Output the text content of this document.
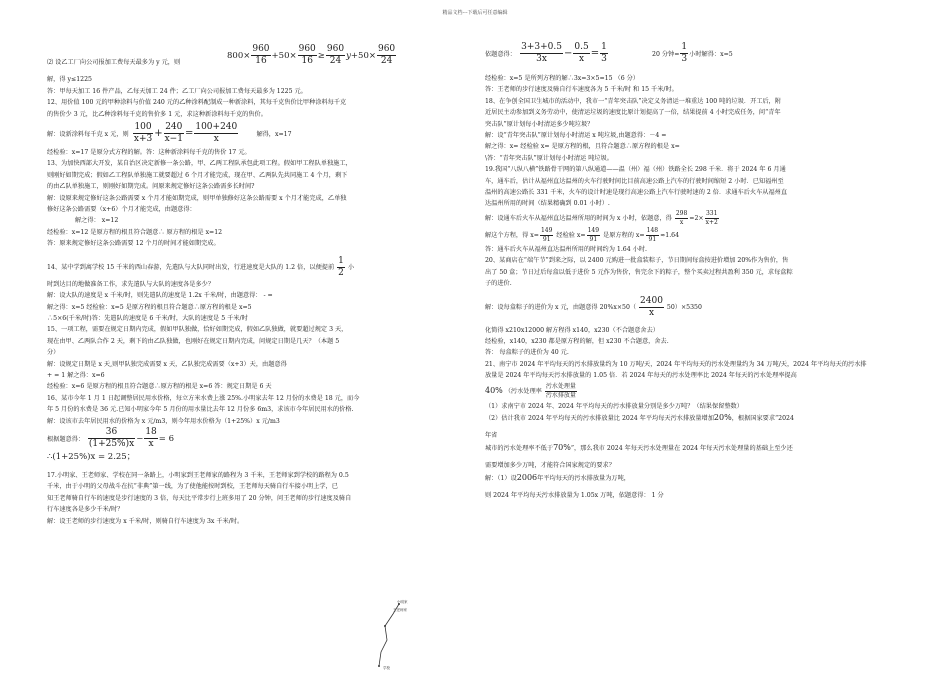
精品文档---下载后可任意编辑
$800\times \frac{960}{16} +50\times \frac{960}{16} \ge \frac{960}{24} y+50\times \frac{960}{24}$

⑵ 设乙工厂向公司报加工费每天最多为 y 元，则

解，得 y≤1225

答：甲每天加工 16 件产品，乙每天加工 24 件；乙工厂向公司报加工费每天最多为 1225 元。

12、用价值 100 元的甲种涂料与价值 240 元的乙种涂料配制成一种新涂料，其每千克售价比甲种涂料每千克

的售价少 3 元，比乙种涂料每千克的售价多 1 元，求这种新涂料每千克的售价。

解：设新涂料每千克 x 元，则 $\frac{100}{x+3} + \frac{240}{x-1} = \frac{100+240}{x}$	解得，x=17

经检验：x=17 是原分式方程的解。答：这种新涂料每千克的售价 17 元。

13、为加快西部大开发，某自治区决定新修一条公路，甲、乙两工程队承包此项工程。假如甲工程队单独施工，

则刚好如期完成；假如乙工程队单独施工就要超过 6 个月才能完成，现在甲、乙两队先共同施工 4 个月，剩下

的由乙队单独施工，则刚好如期完成。问原来规定修好这条公路需多长时间?

解：设原来规定修好这条公路需要 x 个月才能如期完成，则甲单独修好这条公路需要 x 个月才能完成，乙单独

修好这条公路需要（x+6）个月才能完成，由题意得：

解之得： x=12

经检验：x=12 是原方程的根且符合题意∴ 原方程的根是 x=12

答：原来规定修好这条公路需要 12 个月的时间才能如期完成。

14、某中学到离学校 15 千米的西山春游，先遣队与大队同时出发，行进速度是大队的 1.2 倍，以便提前 $\frac{1}{2}$ 小

时到达目的地做准备工作，求先遣队与大队的速度各是多少？

解：设大队的速度是 x 千米/时，则先遣队的速度是 1.2x 千米/时，由题意得： - =

解之得：x=5 经检验：x=5 是原方程的根且符合题意∴原方程的根是 x=5

∴5×6(千米/时)答：先遣队的速度是 6 千米/时，大队的速度是 5 千米/时

15、一项工程，需要在规定日期内完成，假如甲队独做，恰好如期完成，假如乙队独做，就要超过规定 3 天，

现在由甲、乙两队合作 2 天，剩下的由乙队独做，也刚好在规定日期内完成，问规定日期是几天？（本题 5

分）

解：设规定日期是 x 天,则甲队独完成需要 x 天，乙队独完成需要（x+3）天，由题意得

+ = 1 解之得：x=6

经检验：x=6 是原方程的根且符合题意∴原方程的根是 x=6 答：规定日期是 6 天

16、某市今年 1 月 1 日起调整居民用水价格，每立方米水费上涨 25%.小明家去年 12 月份的水费是 18 元，而今

年 5 月份的水费是 36 元.已知小明家今年 5 月份的用水量比去年 12 月份多 6m3，求该市今年居民用水的价格.

解：设该市去年居民用水的价格为 x 元/m3，则今年用水价格为（1+25%）x 元/m3

根据题意得： $\frac{36}{(1+25\%)x} - \frac{18}{x} = 6$

∴(1+25%)x = 2.25；

17.小明家、王老师家、学校在同一条路上，小明家到王老师家的路程为 3 千米，王老师家到学校的路程为 0.5

千米，由于小明的父母战斗在抗“非典”第一线，为了使他能按时到校，王老师每天骑自行车接小明上学，已

知王老师骑自行车的速度是步行速度的 3 倍，每天比平常步行上班多用了 20 分钟，问王老师的步行速度及骑自

行车速度各是多少千米/时？

解：设王老师的步行速度为 x 千米/时，则骑自行车速度为 3x 千米/时。

小明家
王老师家
学校
依题意得： $\frac{3+3+0.5}{3x} - \frac{0.5}{x} = \frac{1}{3}$	20 分钟= $\frac{1}{3}$ 小时解得：x=5

经检验：x=5 是所列方程的解∴3x=3×5=15 （6 分）

答：王老师的步行速度及骑自行车速度各为 5 千米/时 和 15 千米/时。

18、在争创全国卫生城市的活动中，我市一“青年突击队”决定义务清运一堆重达 100 吨的垃圾．开工后，附

近居民主动参加到义务劳动中，使清运垃圾的速度比原计划提高了一倍，结果提前 4 小时完成任务，问“青年

突击队”原计划每小时清运多少吨垃圾？

解：设“青年突击队”原计划每小时清运 x 吨垃圾,由题意得：－4 =

解之得：x= 经检验 x= 是原方程的根，且符合题意∴原方程的根是 x=

\答：“青年突击队”原计划每小时清运 吨垃圾。

19.我国“八纵八横”铁路骨干网的第八纵通道——温（州）福（州）铁路全长 298 千米．将于 2024 年 6 月通

车，通车后，估计从福州直达温州的火车行驶时间比目前高速公路上汽车的行驶时间缩短 2 小时．已知福州至

温州的高速公路长 331 千米，火车的设计时速是现行高速公路上汽车行驶时速的 2 倍．求通车后火车从福州直

达温州所用的时间（结果精确到 0.01 小时）.

解：设通车后火车从福州直达温州所用的时间为 x 小时，依题意，得 $\frac{298}{x} =2\times \frac{331}{x+2}$
解这个方程，得 $x= \frac{149}{91}$ 经检验 $x= \frac{149}{91}$ 是原方程的 $x= \frac{148}{91} \approx 1.64$

答：通车后火车从福州直达温州所用的时间约为 1.64 小时.

20、某商店在“端午节”到来之际，以 2400 元购进一批盒装粽子，节日期间每盒按进价增加 20%作为售价，售

出了 50 盒；节日过后每盒以低于进价 5 元作为售价，售完余下的粽子，整个买卖过程共盈利 350 元，求每盒粽

子的进价.

解：设每盒粽子的进价为 x 元，由题意得 $20\%x\times 50( \frac{2400}{x} 50)\times 5350$

化简得 x210x12000 解方程得 x140，x230（不合题意舍去）

经检验，x140，x230 都是原方程的解，但 x230 不合题意，舍去.

答： 每盒粽子的进价为 40 元.

21、南宁市 2024 年平均每天的污水排放量约为 10 万吨/天，2024 年平均每天的污水处理量约为 34 万吨/天，2024 年平均每天的污水排

放量是 2024 年平均每天污水排放量的 1.05 倍．若 2024 年每天的污水处理率比 2024 年每天的污水处理率提高

40% （污水处理率 $\frac{\text{污水处理量}}{\text{污水排放量}}$

（1）求南宁市 2024 年、2024 年平均每天的污水排放量分别是多少万吨？（结果保留整数）

（2）估计我市 2024 年平均每天的污水排放量比 2024 年平均每天污水排放量增加20%，根据国家要求“2024

年省

城市的污水处理率不低于70%”，那么我市 2024 年每天污水处理量在 2024 年每天污水处理量的基础上至少还

需要增加多少万吨，才能符合国家规定的要求？

解：（1）设2006年平均每天的污水排放量为万吨，

则 2024 年平均每天污水排放量为 1.05x 万吨，依题意得： 1 分
